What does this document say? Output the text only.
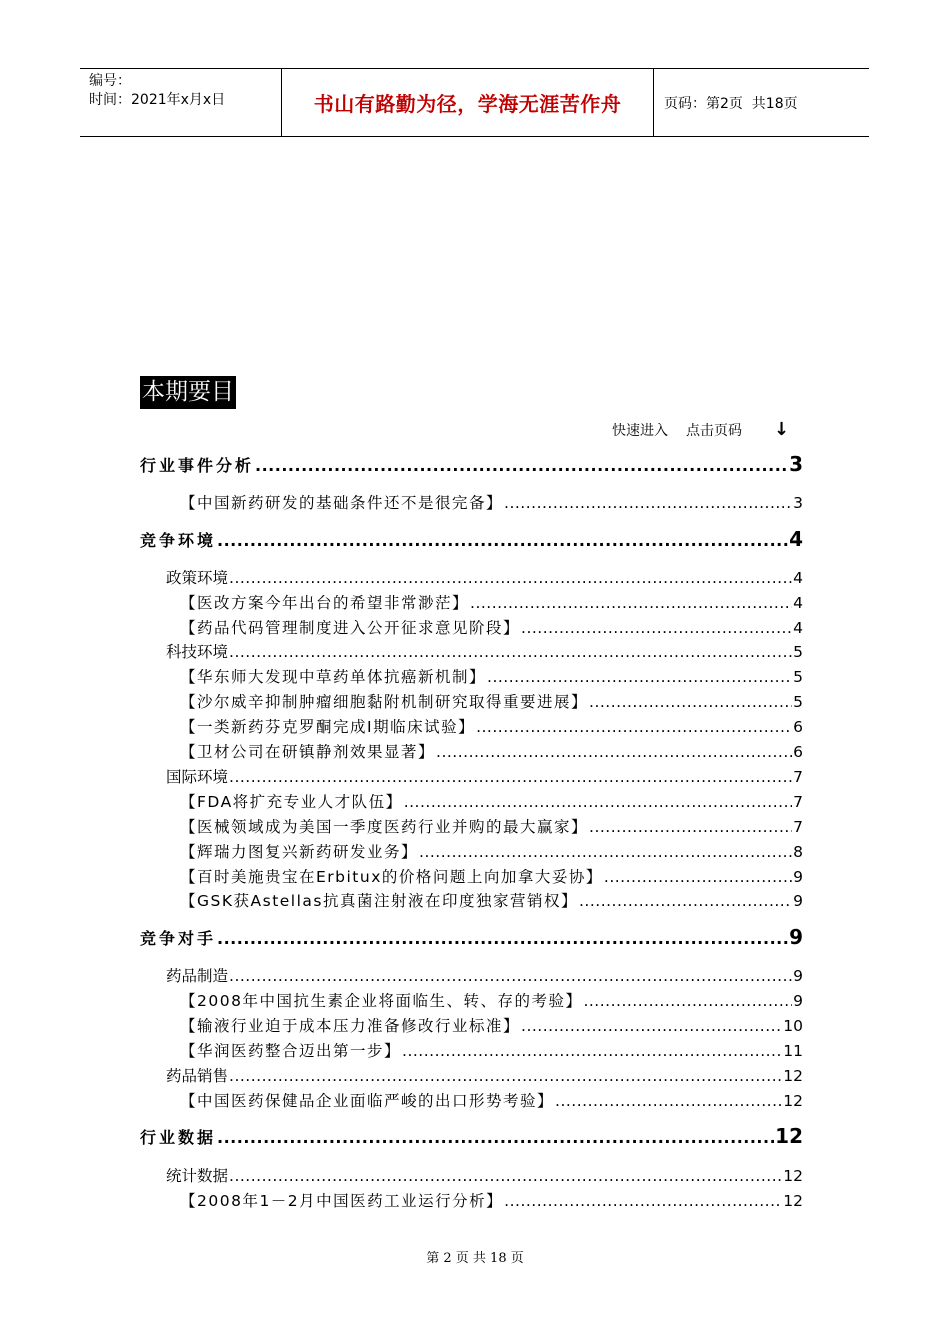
编号：
时间：2021年x月x日	书山有路勤为径，学海无涯苦作舟	页码：第2页  共18页
本期要目
快速进入 点击页码 ↓
行业事件分析 .....	3
【中国新药研发的基础条件还不是很完备】 .....	3
竞争环境 .....	4
政策环境 .....	4
【医改方案今年出台的希望非常渺茫】 .....	4
【药品代码管理制度进入公开征求意见阶段】 .....	4
科技环境 .....	5
【华东师大发现中草药单体抗癌新机制】 .....	5
【沙尔威辛抑制肿瘤细胞黏附机制研究取得重要进展】 .....	5
【一类新药芬克罗酮完成Ⅰ期临床试验】 .....	6
【卫材公司在研镇静剂效果显著】 .....	6
国际环境 .....	7
【FDA将扩充专业人才队伍】 .....	7
【医械领域成为美国一季度医药行业并购的最大赢家】 .....	7
【辉瑞力图复兴新药研发业务】 .....	8
【百时美施贵宝在Erbitux的价格问题上向加拿大妥协】 .....	9
【GSK获Astellas抗真菌注射液在印度独家营销权】 .....	9
竞争对手 .....	9
药品制造 .....	9
【2008年中国抗生素企业将面临生、转、存的考验】 .....	9
【输液行业迫于成本压力准备修改行业标准】 .....	10
【华润医药整合迈出第一步】 .....	11
药品销售 .....	12
【中国医药保健品企业面临严峻的出口形势考验】 .....	12
行业数据 .....	12
统计数据 .....	12
【2008年1－2月中国医药工业运行分析】 .....	12
第 2 页 共 18 页
